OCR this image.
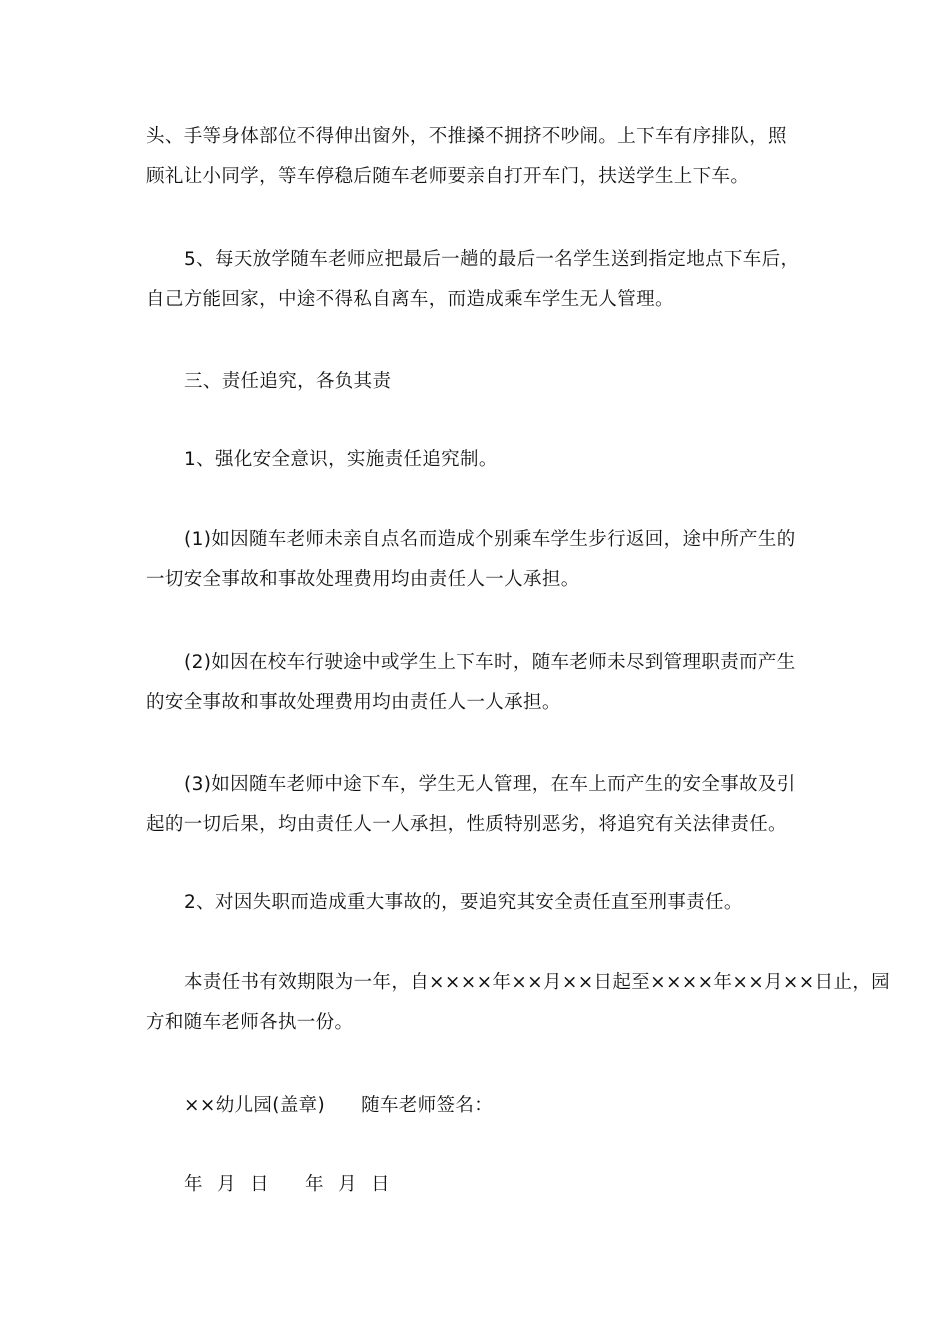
头、手等身体部位不得伸出窗外，不推搡不拥挤不吵闹。上下车有序排队，照
顾礼让小同学，等车停稳后随车老师要亲自打开车门，扶送学生上下车。
5、每天放学随车老师应把最后一趟的最后一名学生送到指定地点下车后，
自己方能回家，中途不得私自离车，而造成乘车学生无人管理。
三、责任追究，各负其责
1、强化安全意识，实施责任追究制。
(1)如因随车老师未亲自点名而造成个别乘车学生步行返回，途中所产生的
一切安全事故和事故处理费用均由责任人一人承担。
(2)如因在校车行驶途中或学生上下车时，随车老师未尽到管理职责而产生
的安全事故和事故处理费用均由责任人一人承担。
(3)如因随车老师中途下车，学生无人管理，在车上而产生的安全事故及引
起的一切后果，均由责任人一人承担，性质特别恶劣，将追究有关法律责任。
2、对因失职而造成重大事故的，要追究其安全责任直至刑事责任。
本责任书有效期限为一年，自××××年××月××日起至××××年××月××日止，园
方和随车老师各执一份。
××幼儿园(盖章) 随车老师签名：
年 月 日 年 月 日
